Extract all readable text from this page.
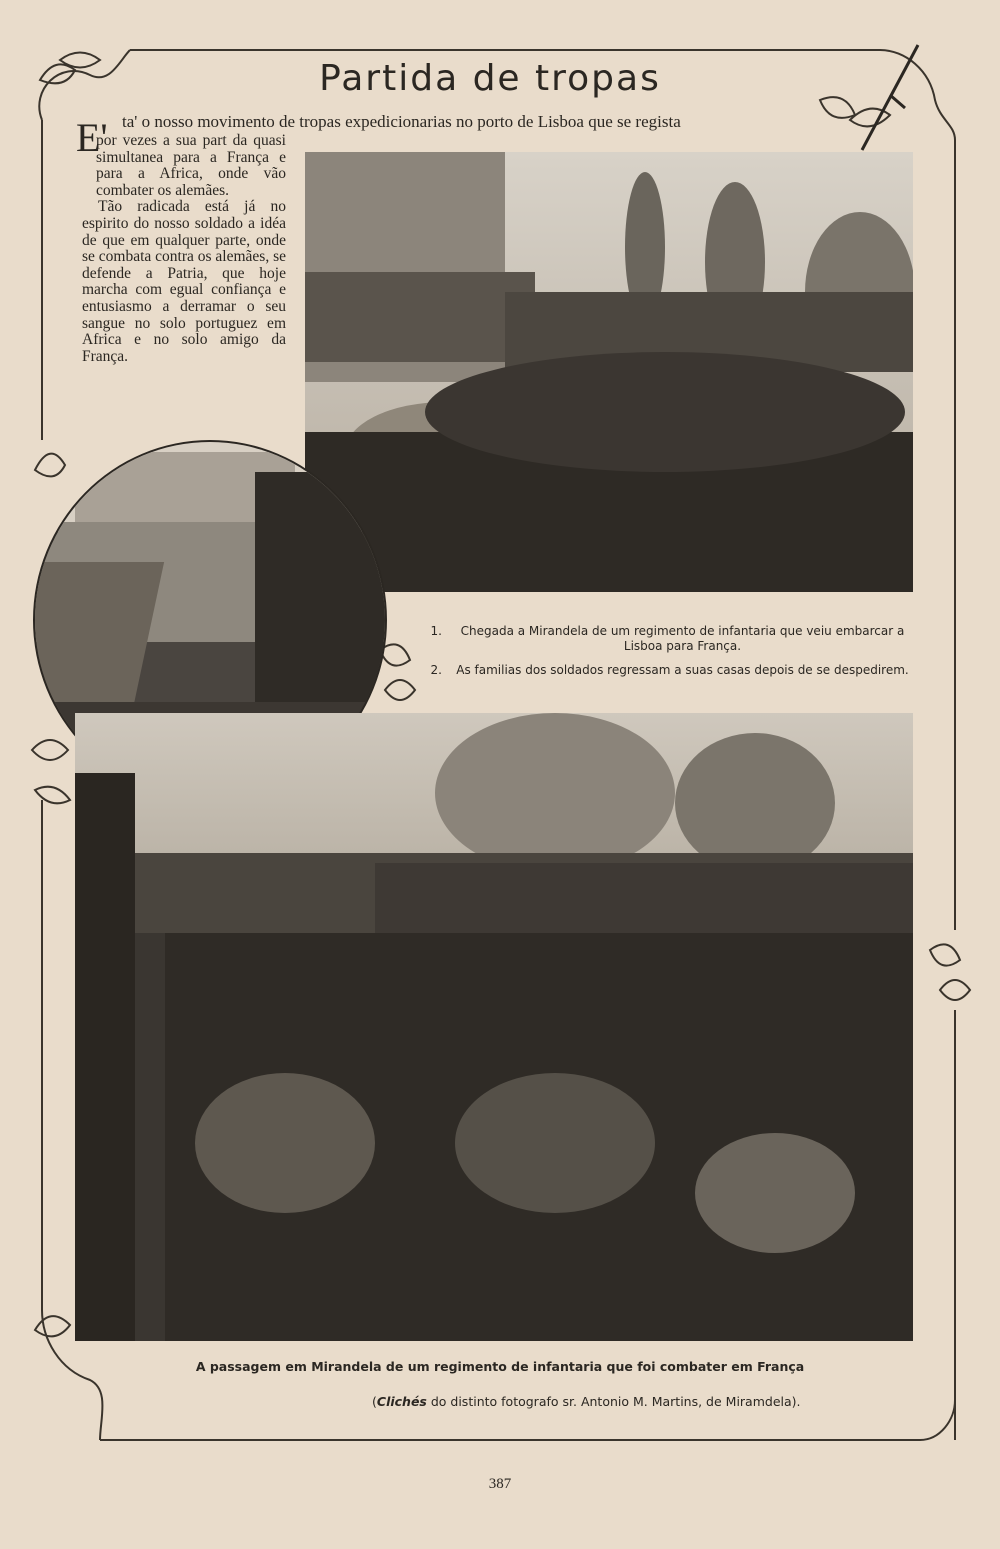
Partida de tropas
E' ta' o nosso movimento de tropas expedicionarias no porto de Lisboa que se regista

por vezes a sua part da quasi simultanea para a França e para a Africa, onde vão combater os alemães.

Tão radicada está já no espirito do nosso soldado a idéa de que em qualquer parte, onde se combata contra os alemães, se defende a Patria, que hoje marcha com egual confiança e entusiasmo a derramar o seu sangue no solo portuguez em Africa e no solo amigo da França.

1.	Chegada a Mirandela de um regimento de infantaria que veiu embarcar a Lisboa para França.
2.	As familias dos soldados regressam a suas casas depois de se despedirem.
A passagem em Mirandela de um regimento de infantaria que foi combater em França
(Clichés do distinto fotografo sr. Antonio M. Martins, de Miramdela).
387
